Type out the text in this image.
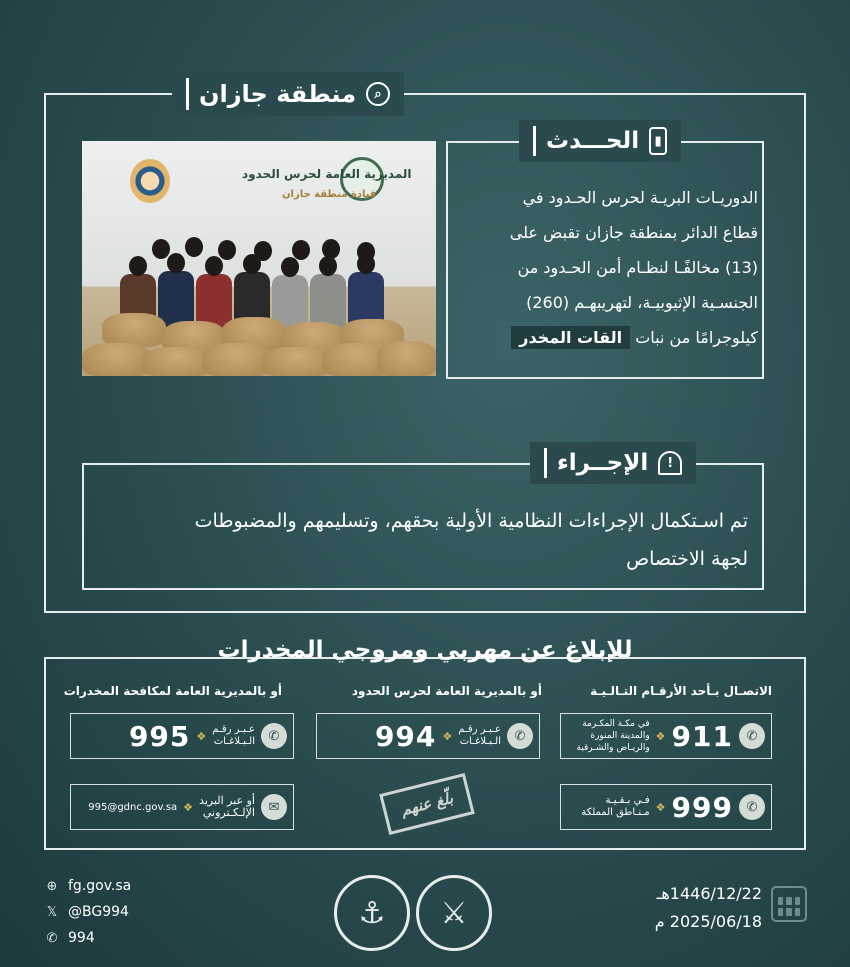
⌕
منطقة جازان
المديرية العامة لحرس الحدود
قيادة منطقة جازان
▮
الحـــدث
الدوريـات البريـة لحرس الحـدود في
قطاع الدائر بمنطقة جازان تقبض على
(13) مخالفًـا لنظـام أمن الحـدود من
الجنسـية الإثيوبيـة، لتهريبهـم (260)
كيلوجرامًا من نبات القات المخدر
!
الإجــراء
تم اسـتكمال الإجراءات النظامية الأولية بحقهم، وتسليمهم والمضبوطات
لجهة الاختصاص
للإبلاغ عن مهربي ومروجي المخدرات
الاتصـال بـأحد الأرقـام التـالـيـة
أو بالمديرية العامة لحرس الحدود
أو بالمديرية العامة لمكافحة المخدرات
✆
911
❖
في مكـة المكـرمة
والمدينة المنورة
والريـاض والشـرقية
✆
999
❖
فـي بـقـيـة
مـنـاطق المملكة
✆
عـبـر رقـم
الـبـلاغـات
❖
994
✆
عـبـر رقـم
الـبـلاغـات
❖
995
✉
أو عبر البريد
الإلـكـتروني
❖
995@gdnc.gov.sa	بلّغ عنهم
⊕ fg.gov.sa
𝕏 @BG994
✆ 994
⚓	⚔
1446/12/22هـ
2025/06/18 م
